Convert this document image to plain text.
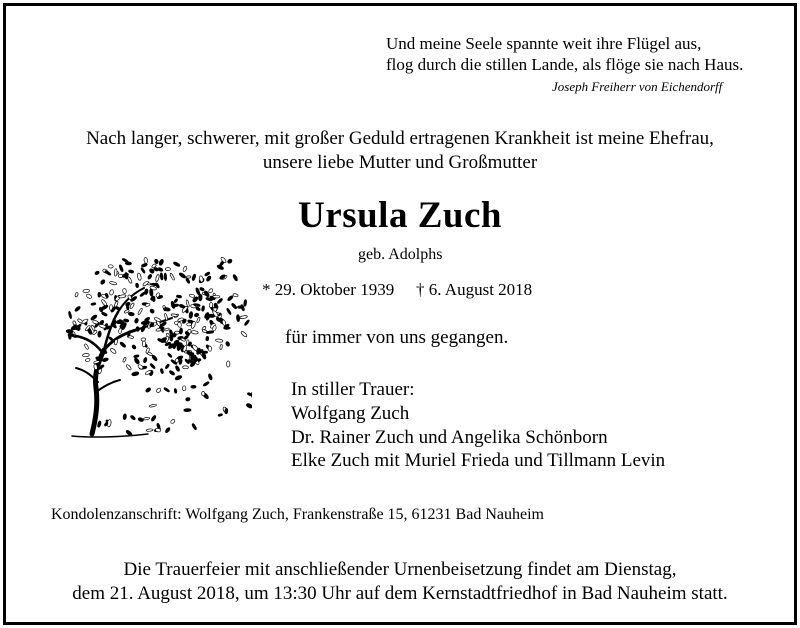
Und meine Seele spannte weit ihre Flügel aus,
flog durch die stillen Lande, als flöge sie nach Haus.
Joseph Freiherr von Eichendorff
Nach langer, schwerer, mit großer Geduld ertragenen Krankheit ist meine Ehefrau,
unsere liebe Mutter und Großmutter
Ursula Zuch
geb. Adolphs
* 29. Oktober 1939 † 6. August 2018
für immer von uns gegangen.
In stiller Trauer:
Wolfgang Zuch
Dr. Rainer Zuch und Angelika Schönborn
Elke Zuch mit Muriel Frieda und Tillmann Levin
Kondolenzanschrift: Wolfgang Zuch, Frankenstraße 15, 61231 Bad Nauheim
Die Trauerfeier mit anschließender Urnenbeisetzung findet am Dienstag,
dem 21. August 2018, um 13:30 Uhr auf dem Kernstadtfriedhof in Bad Nauheim statt.
